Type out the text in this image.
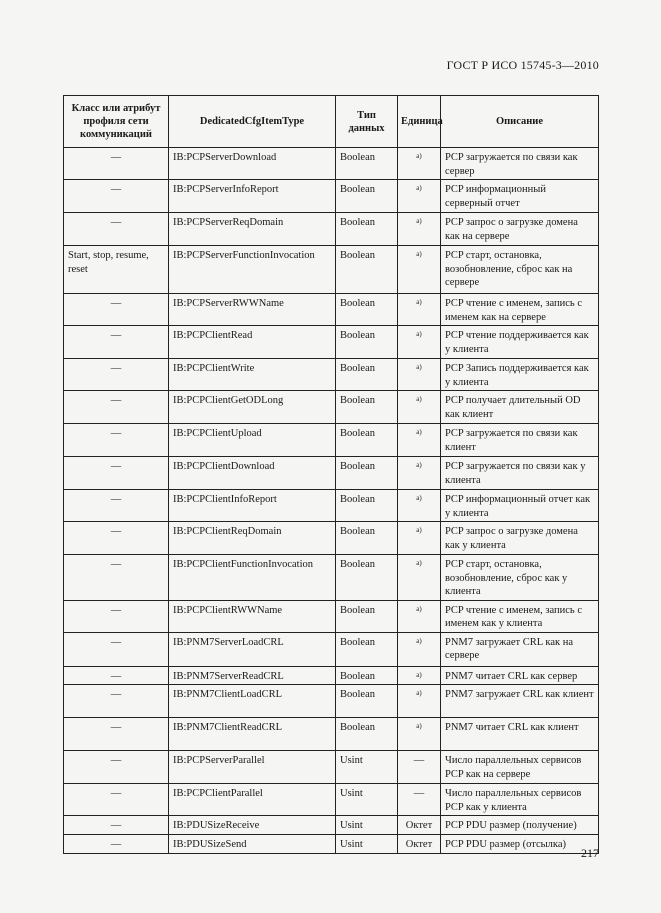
ГОСТ Р ИСО 15745-3—2010
Класс или атрибут профиля сети коммуникаций	DedicatedCfgItemType	Тип данных	Единица	Описание
—	IB:PCPServerDownload	Boolean	a)	PCP загружается по связи как сервер
—	IB:PCPServerInfoReport	Boolean	a)	PCP информационный серверный отчет
—	IB:PCPServerReqDomain	Boolean	a)	PCP запрос о загрузке домена как на сервере
Start, stop, resume, reset	IB:PCPServerFunctionInvocation	Boolean	a)	PCP старт, остановка, возобновление, сброс как на сервере
—	IB:PCPServerRWWName	Boolean	a)	PCP чтение с именем, запись с именем как на сервере
—	IB:PCPClientRead	Boolean	a)	PCP чтение поддерживается как у клиента
—	IB:PCPClientWrite	Boolean	a)	PCP Запись поддерживается как у клиента
—	IB:PCPClientGetODLong	Boolean	a)	PCP получает длительный OD как клиент
—	IB:PCPClientUpload	Boolean	a)	PCP загружается по связи как клиент
—	IB:PCPClientDownload	Boolean	a)	PCP загружается по связи как у клиента
—	IB:PCPClientInfoReport	Boolean	a)	PCP информационный отчет как у клиента
—	IB:PCPClientReqDomain	Boolean	a)	PCP запрос о загрузке домена как у клиента
—	IB:PCPClientFunctionInvocation	Boolean	a)	PCP старт, остановка, возобновление, сброс как у клиента
—	IB:PCPClientRWWName	Boolean	a)	PCP чтение с именем, запись с именем как у клиента
—	IB:PNM7ServerLoadCRL	Boolean	a)	PNM7 загружает CRL как на сервере
—	IB:PNM7ServerReadCRL	Boolean	a)	PNM7 читает CRL как сервер
—	IB:PNM7ClientLoadCRL	Boolean	a)	PNM7 загружает CRL как клиент
—	IB:PNM7ClientReadCRL	Boolean	a)	PNM7 читает CRL как клиент
—	IB:PCPServerParallel	Usint	—	Число параллельных сервисов PCP как на сервере
—	IB:PCPClientParallel	Usint	—	Число параллельных сервисов PCP как у клиента
—	IB:PDUSizeReceive	Usint	Октет	PCP PDU размер (получение)
—	IB:PDUSizeSend	Usint	Октет	PCP PDU размер (отсылка)
217
